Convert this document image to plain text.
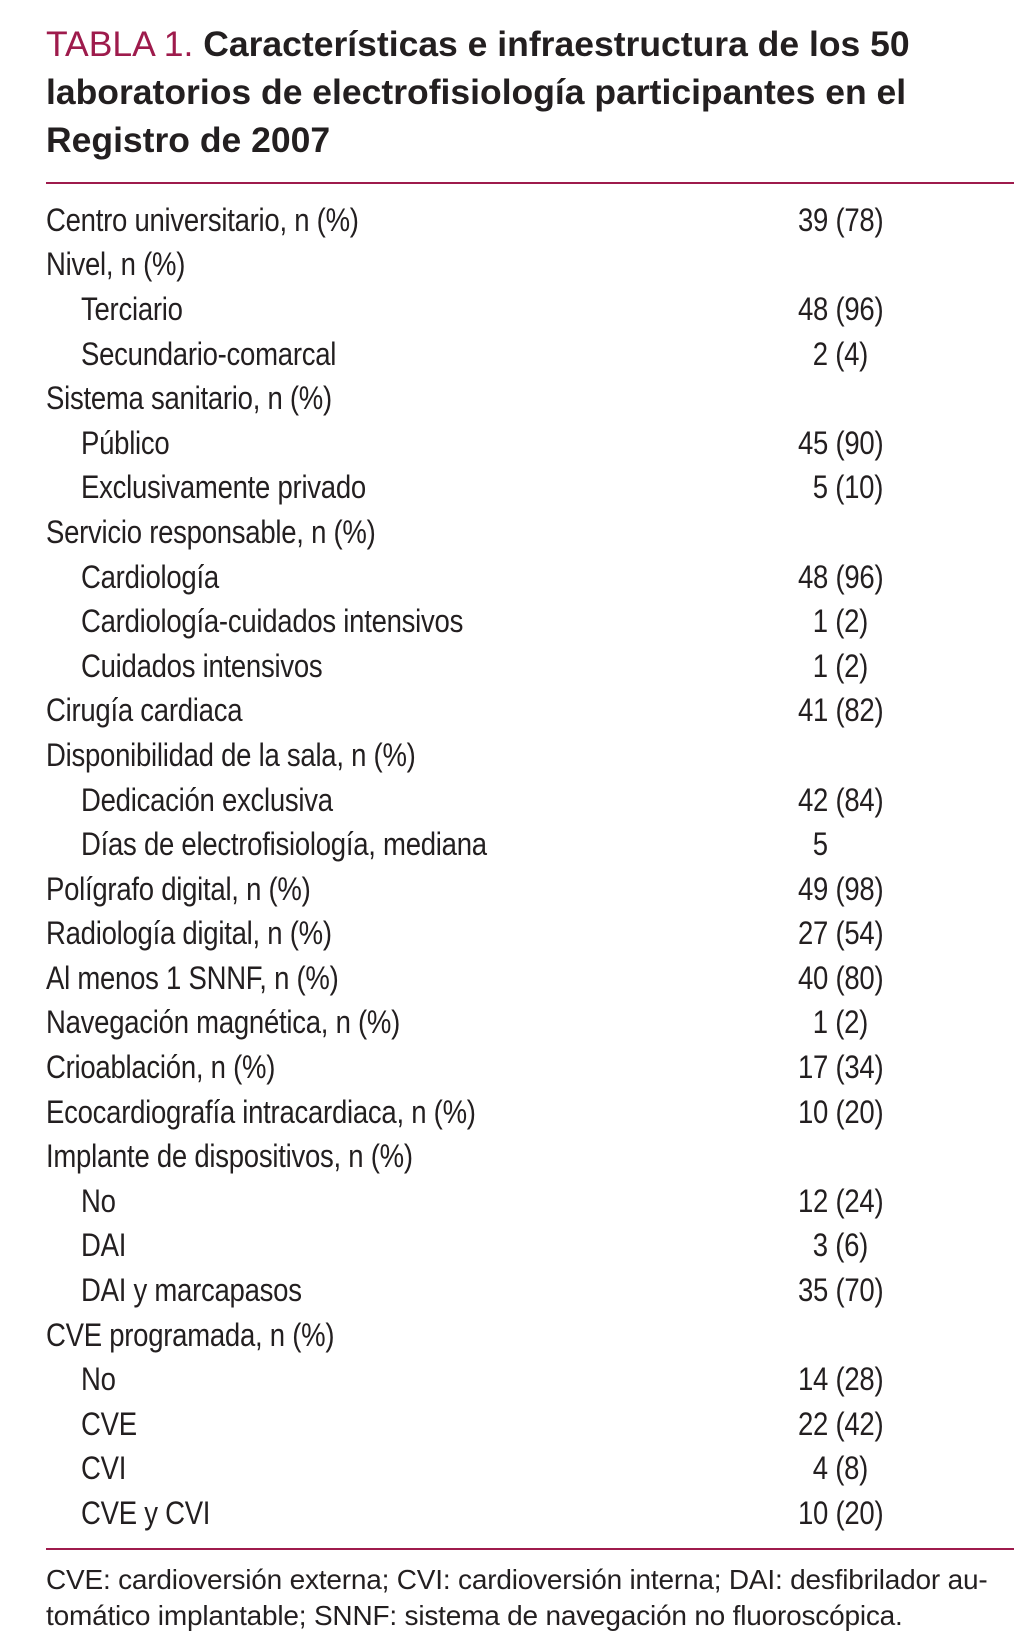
TABLA 1. Características e infraestructura de los 50 laboratorios de electrofisiología participantes en el Registro de 2007
Centro universitario, n (%)	39 (78)
Nivel, n (%)
Terciario	48 (96)
Secundario-comarcal	2 (4)
Sistema sanitario, n (%)
Público	45 (90)
Exclusivamente privado	5 (10)
Servicio responsable, n (%)
Cardiología	48 (96)
Cardiología-cuidados intensivos	1 (2)
Cuidados intensivos	1 (2)
Cirugía cardiaca	41 (82)
Disponibilidad de la sala, n (%)
Dedicación exclusiva	42 (84)
Días de electrofisiología, mediana	5
Polígrafo digital, n (%)	49 (98)
Radiología digital, n (%)	27 (54)
Al menos 1 SNNF, n (%)	40 (80)
Navegación magnética, n (%)	1 (2)
Crioablación, n (%)	17 (34)
Ecocardiografía intracardiaca, n (%)	10 (20)
Implante de dispositivos, n (%)
No	12 (24)
DAI	3 (6)
DAI y marcapasos	35 (70)
CVE programada, n (%)
No	14 (28)
CVE	22 (42)
CVI	4 (8)
CVE y CVI	10 (20)
CVE: cardioversión externa; CVI: cardioversión interna; DAI: desfibrilador au-
tomático implantable; SNNF: sistema de navegación no fluoroscópica.
